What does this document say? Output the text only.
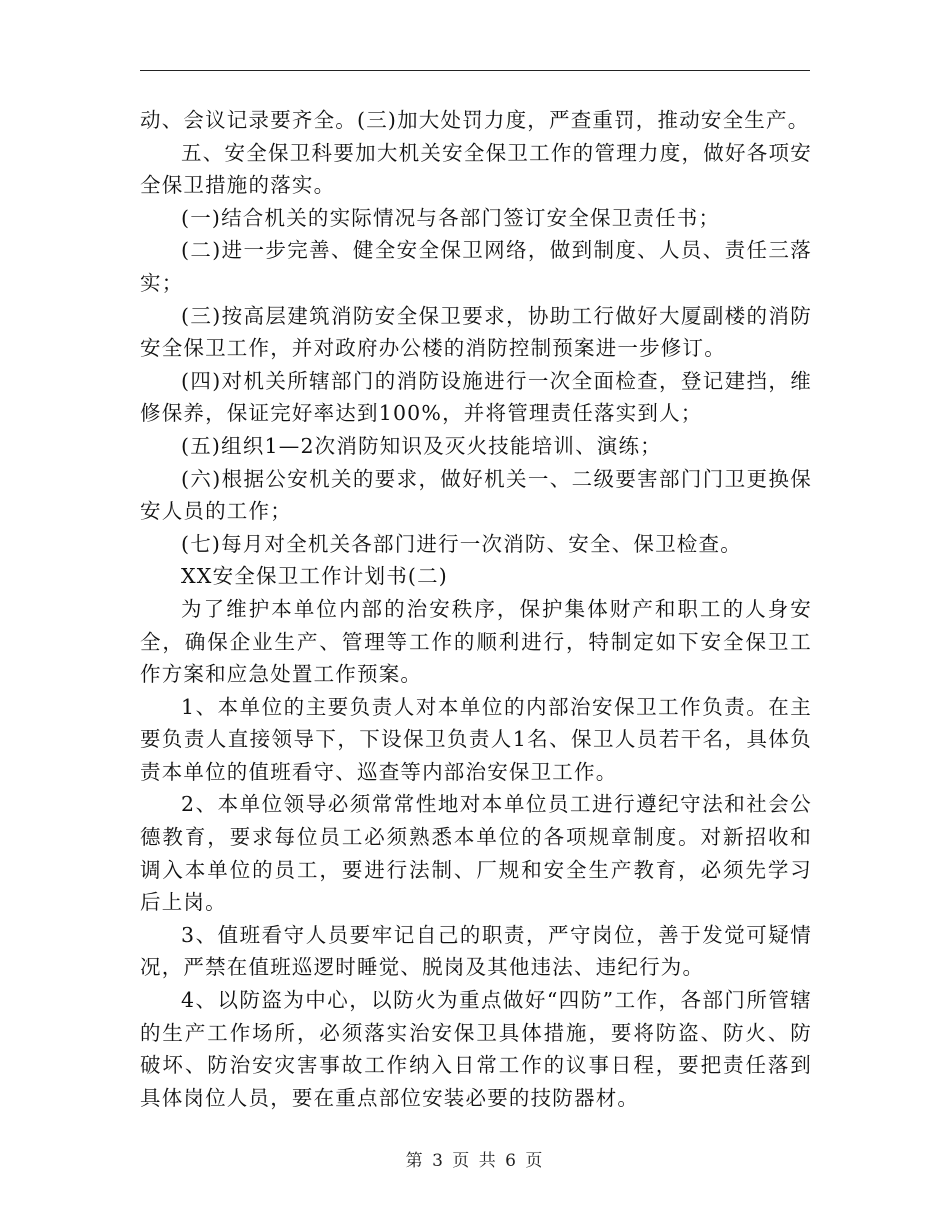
动、会议记录要齐全。(三)加大处罚力度，严查重罚，推动安全生产。

五、安全保卫科要加大机关安全保卫工作的管理力度，做好各项安全保卫措施的落实。

(一)结合机关的实际情况与各部门签订安全保卫责任书；

(二)进一步完善、健全安全保卫网络，做到制度、人员、责任三落实；

(三)按高层建筑消防安全保卫要求，协助工行做好大厦副楼的消防安全保卫工作，并对政府办公楼的消防控制预案进一步修订。

(四)对机关所辖部门的消防设施进行一次全面检查，登记建挡，维修保养，保证完好率达到100%，并将管理责任落实到人；

(五)组织1—2次消防知识及灭火技能培训、演练；

(六)根据公安机关的要求，做好机关一、二级要害部门门卫更换保安人员的工作；

(七)每月对全机关各部门进行一次消防、安全、保卫检查。

XX安全保卫工作计划书(二)

为了维护本单位内部的治安秩序，保护集体财产和职工的人身安全，确保企业生产、管理等工作的顺利进行，特制定如下安全保卫工作方案和应急处置工作预案。

1、本单位的主要负责人对本单位的内部治安保卫工作负责。在主要负责人直接领导下，下设保卫负责人1名、保卫人员若干名，具体负责本单位的值班看守、巡查等内部治安保卫工作。

2、本单位领导必须常常性地对本单位员工进行遵纪守法和社会公德教育，要求每位员工必须熟悉本单位的各项规章制度。对新招收和调入本单位的员工，要进行法制、厂规和安全生产教育，必须先学习后上岗。

3、值班看守人员要牢记自己的职责，严守岗位，善于发觉可疑情况，严禁在值班巡逻时睡觉、脱岗及其他违法、违纪行为。

4、以防盗为中心，以防火为重点做好“四防”工作，各部门所管辖的生产工作场所，必须落实治安保卫具体措施，要将防盗、防火、防破坏、防治安灾害事故工作纳入日常工作的议事日程，要把责任落到具体岗位人员，要在重点部位安装必要的技防器材。

第 3 页 共 6 页
